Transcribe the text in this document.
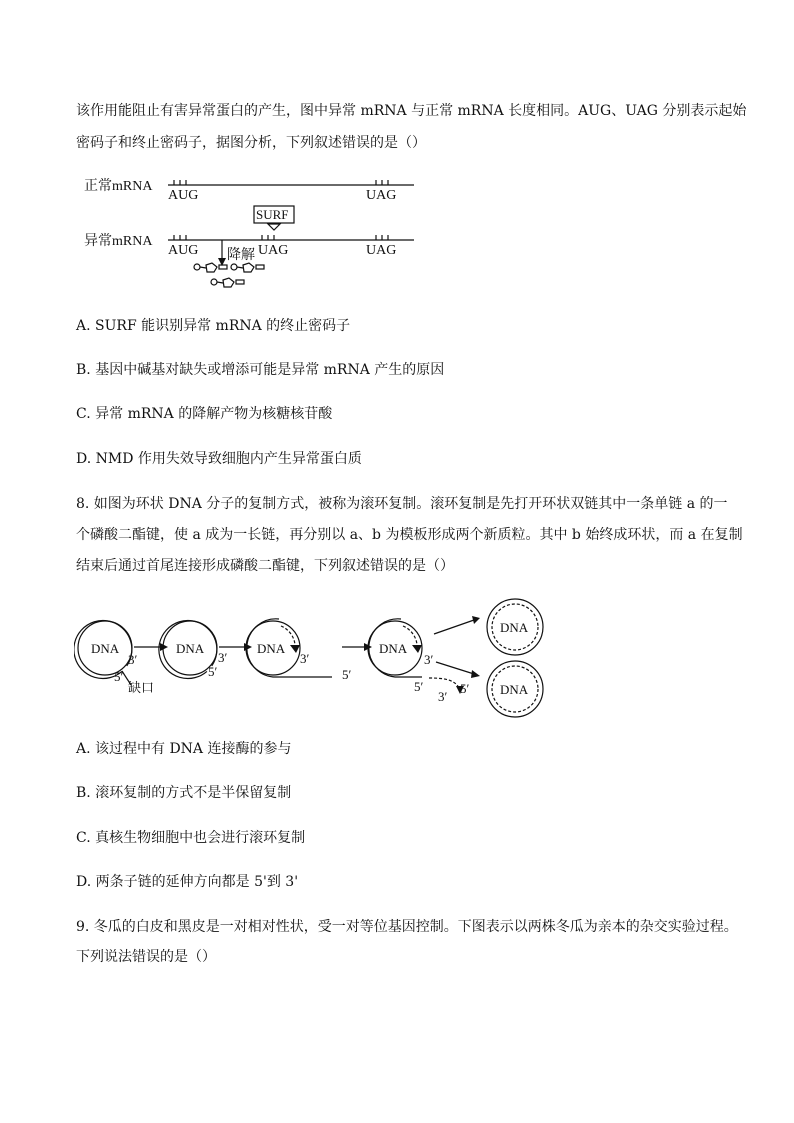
该作用能阻止有害异常蛋白的产生，图中异常 mRNA 与正常 mRNA 长度相同。AUG、UAG 分别表示起始
密码子和终止密码子，据图分析，下列叙述错误的是（）
正常mRNA
AUG	UAG
SURF
异常mRNA
AUG	UAG	UAG
降解
A. SURF 能识别异常 mRNA 的终止密码子
B. 基因中碱基对缺失或增添可能是异常 mRNA 产生的原因
C. 异常 mRNA 的降解产物为核糖核苷酸
D. NMD 作用失效导致细胞内产生异常蛋白质
8. 如图为环状 DNA 分子的复制方式，被称为滚环复制。滚环复制是先打开环状双链其中一条单链 a 的一
个磷酸二酯键，使 a 成为一长链，再分别以 a、b 为模板形成两个新质粒。其中 b 始终成环状，而 a 在复制
结束后通过首尾连接形成磷酸二酯键，下列叙述错误的是（）
DNA
3′
5′
缺口
DNA
3′
5′
DNA
3′
5′
DNA
3′
5′
3′
5′
DNA
DNA
A. 该过程中有 DNA 连接酶的参与
B. 滚环复制的方式不是半保留复制
C. 真核生物细胞中也会进行滚环复制
D. 两条子链的延伸方向都是 5'到 3'
9. 冬瓜的白皮和黑皮是一对相对性状，受一对等位基因控制。下图表示以两株冬瓜为亲本的杂交实验过程。
下列说法错误的是（）
